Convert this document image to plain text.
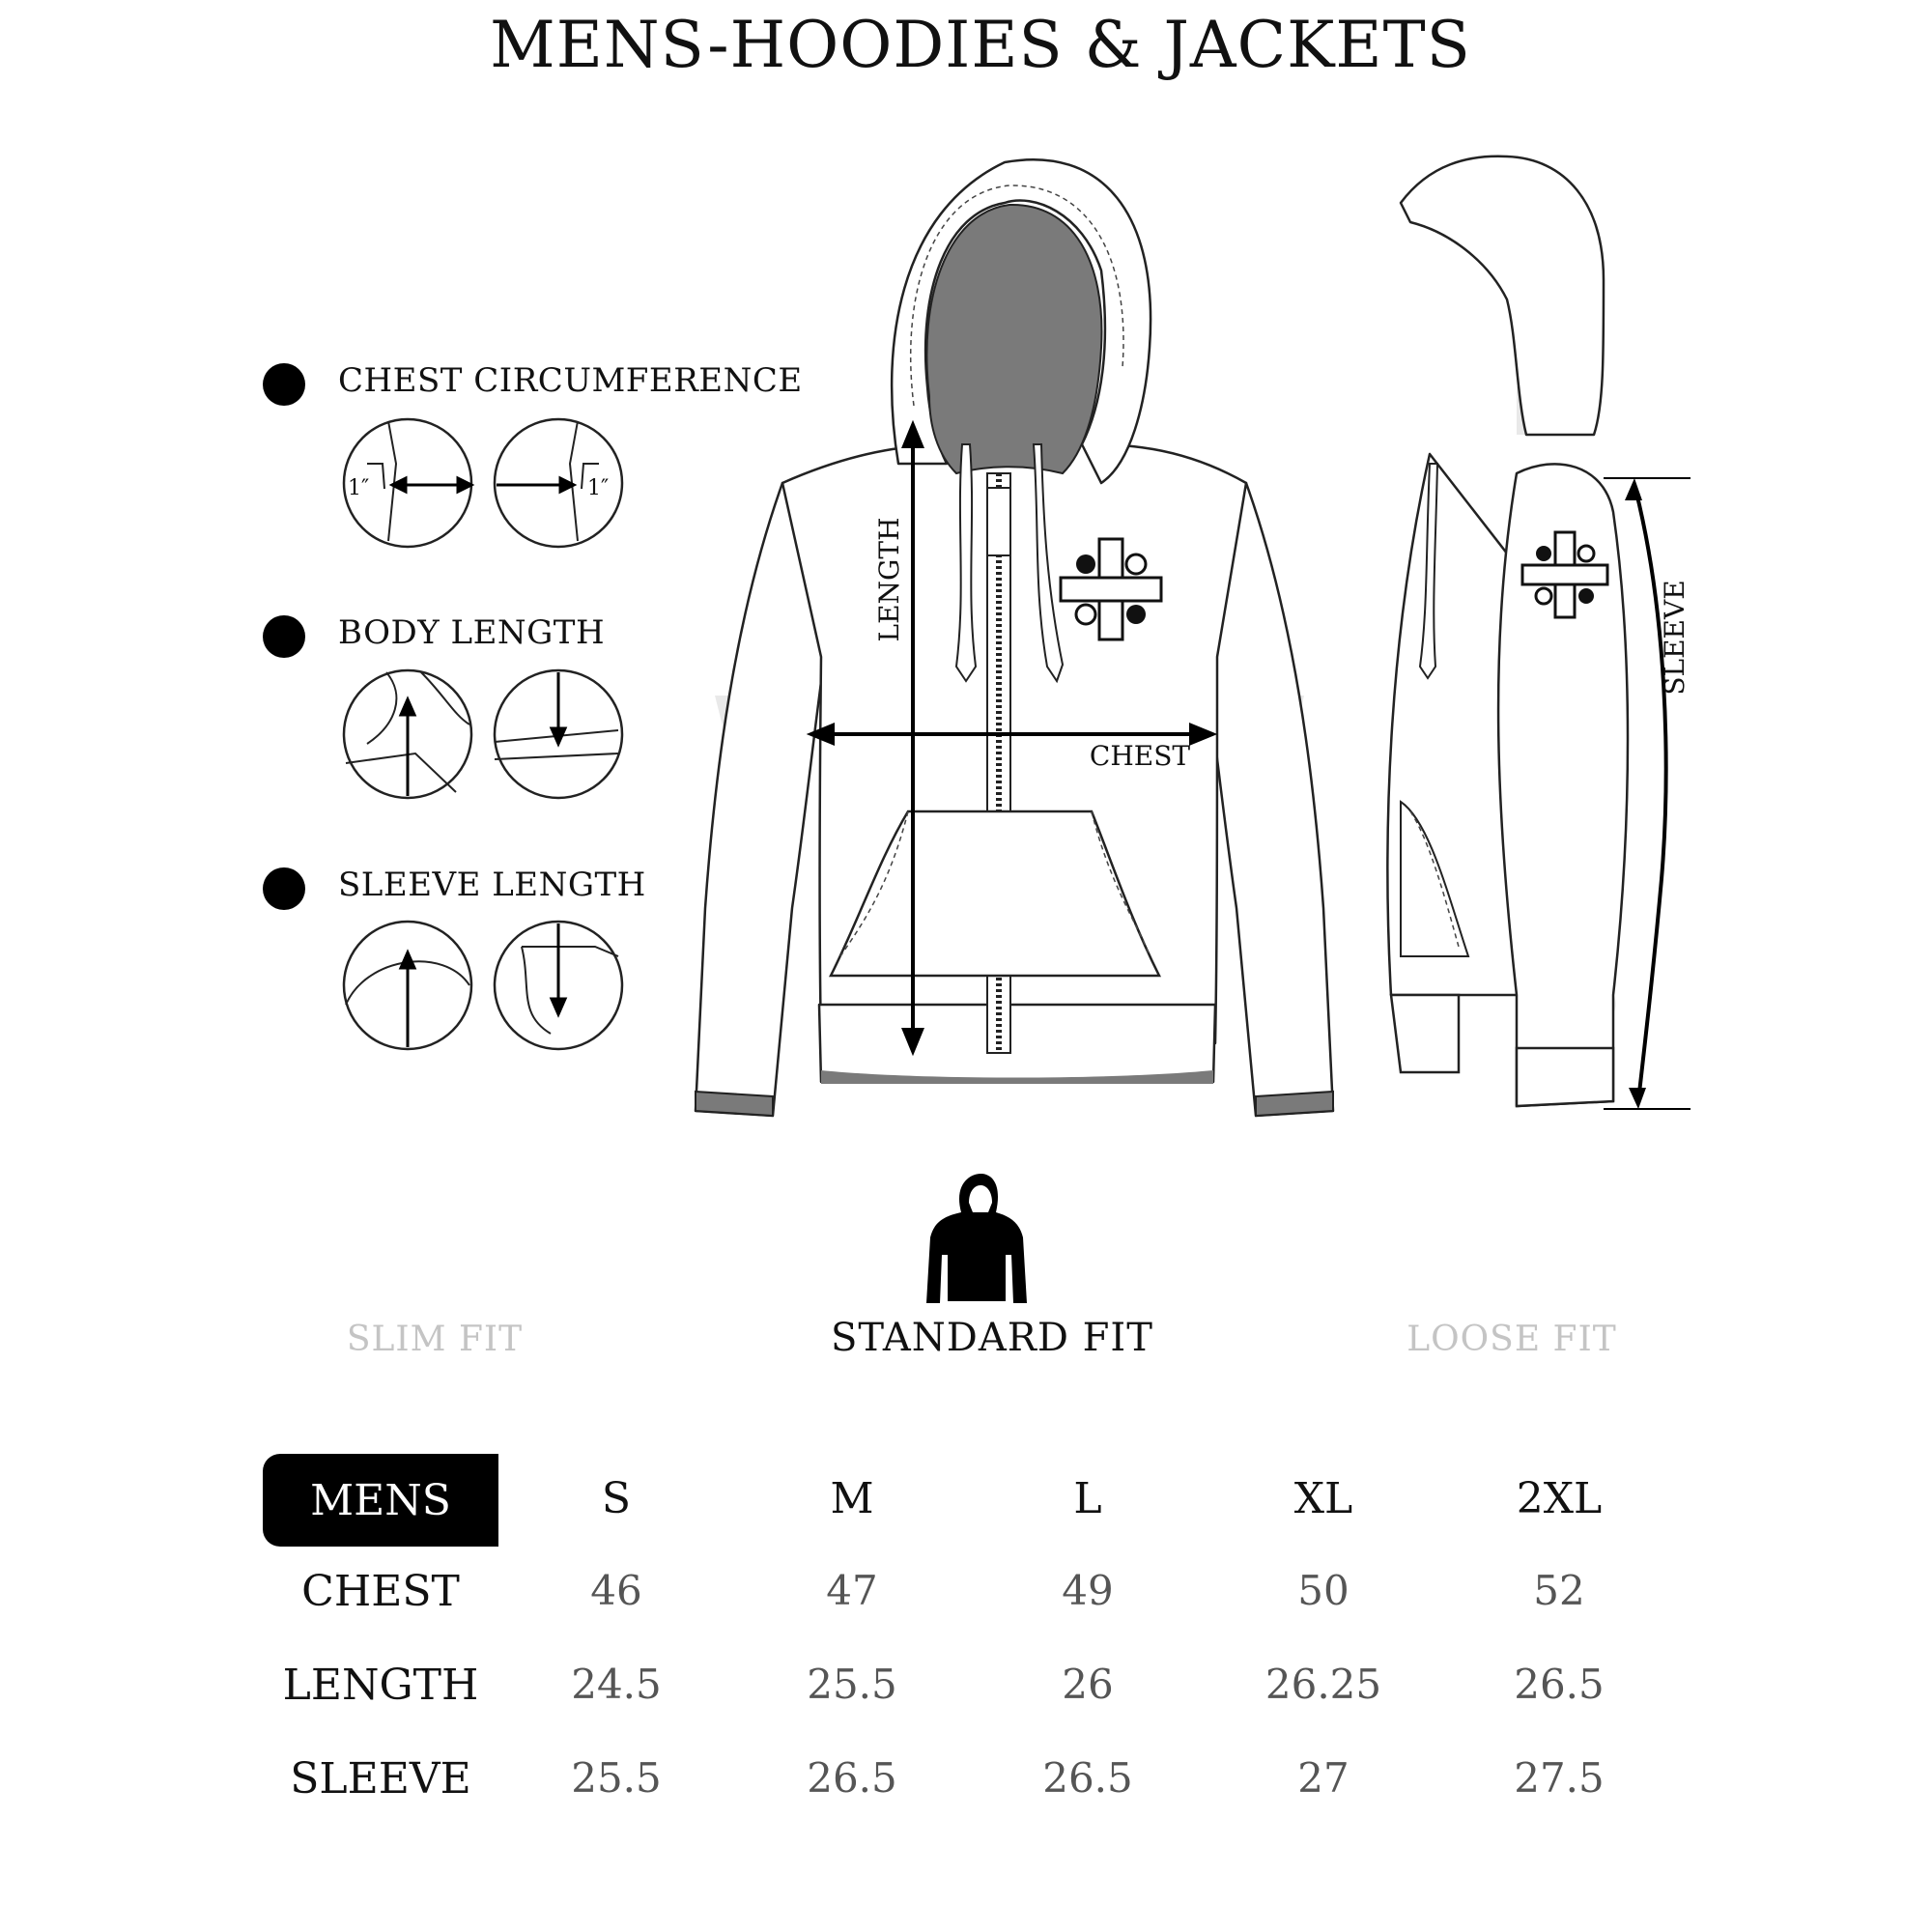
MENS-HOODIES & JACKETS
CHEST CIRCUMFERENCE
BODY LENGTH
SLEEVE LENGTH
1″	1″
LENGTH
CHEST
SLEEVE
SLIM FIT	STANDARD FIT	LOOSE FIT
MENS	S	M	L	XL	2XL
CHEST	46	47	49	50	52
LENGTH	24.5	25.5	26	26.25	26.5
SLEEVE	25.5	26.5	26.5	27	27.5
